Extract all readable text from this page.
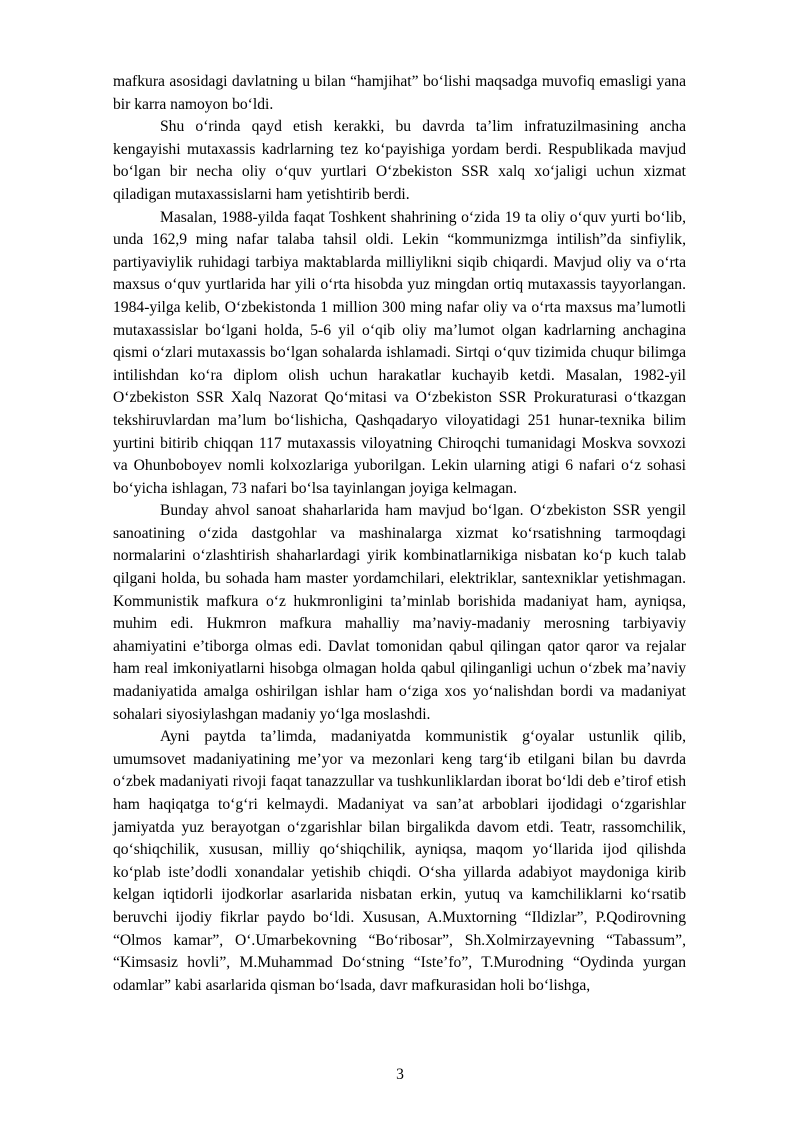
mafkura asosidagi davlatning u bilan “hamjihat” bo‘lishi maqsadga muvofiq emasligi yana bir karra namoyon bo‘ldi.

Shu o‘rinda qayd etish kerakki, bu davrda ta’lim infratuzilmasining ancha kengayishi mutaxassis kadrlarning tez ko‘payishiga yordam berdi. Respublikada mavjud bo‘lgan bir necha oliy o‘quv yurtlari O‘zbekiston SSR xalq xo‘jaligi uchun xizmat qiladigan mutaxassislarni ham yetishtirib berdi.

Masalan, 1988-yilda faqat Toshkent shahrining o‘zida 19 ta oliy o‘quv yurti bo‘lib, unda 162,9 ming nafar talaba tahsil oldi. Lekin “kommunizmga intilish”da sinfiylik, partiyaviylik ruhidagi tarbiya maktablarda milliylikni siqib chiqardi. Mavjud oliy va o‘rta maxsus o‘quv yurtlarida har yili o‘rta hisobda yuz mingdan ortiq mutaxassis tayyorlangan. 1984-yilga kelib, O‘zbekistonda 1 million 300 ming nafar oliy va o‘rta maxsus ma’lumotli mutaxassislar bo‘lgani holda, 5-6 yil o‘qib oliy ma’lumot olgan kadrlarning anchagina qismi o‘zlari mutaxassis bo‘lgan sohalarda ishlamadi. Sirtqi o‘quv tizimida chuqur bilimga intilishdan ko‘ra diplom olish uchun harakatlar kuchayib ketdi. Masalan, 1982-yil O‘zbekiston SSR Xalq Nazorat Qo‘mitasi va O‘zbekiston SSR Prokuraturasi o‘tkazgan tekshiruvlardan ma’lum bo‘lishicha, Qashqadaryo viloyatidagi 251 hunar-texnika bilim yurtini bitirib chiqqan 117 mutaxassis viloyatning Chiroqchi tumanidagi Moskva sovxozi va Ohunboboyev nomli kolxozlariga yuborilgan. Lekin ularning atigi 6 nafari o‘z sohasi bo‘yicha ishlagan, 73 nafari bo‘lsa tayinlangan joyiga kelmagan.

Bunday ahvol sanoat shaharlarida ham mavjud bo‘lgan. O‘zbekiston SSR yengil sanoatining o‘zida dastgohlar va mashinalarga xizmat ko‘rsatishning tarmoqdagi normalarini o‘zlashtirish shaharlardagi yirik kombinatlarnikiga nisbatan ko‘p kuch talab qilgani holda, bu sohada ham master yordamchilari, elektriklar, santexniklar yetishmagan. Kommunistik mafkura o‘z hukmronligini ta’minlab borishida madaniyat ham, ayniqsa, muhim edi. Hukmron mafkura mahalliy ma’naviy-madaniy merosning tarbiyaviy ahamiyatini e’tiborga olmas edi. Davlat tomonidan qabul qilingan qator qaror va rejalar ham real imkoniyatlarni hisobga olmagan holda qabul qilinganligi uchun o‘zbek ma’naviy madaniyatida amalga oshirilgan ishlar ham o‘ziga xos yo‘nalishdan bordi va madaniyat sohalari siyosiylashgan madaniy yo‘lga moslashdi.

Ayni paytda ta’limda, madaniyatda kommunistik g‘oyalar ustunlik qilib, umumsovet madaniyatining me’yor va mezonlari keng targ‘ib etilgani bilan bu davrda o‘zbek madaniyati rivoji faqat tanazzullar va tushkunliklardan iborat bo‘ldi deb e’tirof etish ham haqiqatga to‘g‘ri kelmaydi. Madaniyat va san’at arboblari ijodidagi o‘zgarishlar jamiyatda yuz berayotgan o‘zgarishlar bilan birgalikda davom etdi. Teatr, rassomchilik, qo‘shiqchilik, xususan, milliy qo‘shiqchilik, ayniqsa, maqom yo‘llarida ijod qilishda ko‘plab iste’dodli xonandalar yetishib chiqdi. O‘sha yillarda adabiyot maydoniga kirib kelgan iqtidorli ijodkorlar asarlarida nisbatan erkin, yutuq va kamchiliklarni ko‘rsatib beruvchi ijodiy fikrlar paydo bo‘ldi. Xususan, A.Muxtorning “Ildizlar”, P.Qodirovning “Olmos kamar”, O‘.Umarbekovning “Bo‘ribosar”, Sh.Xolmirzayevning “Tabassum”, “Kimsasiz hovli”, M.Muhammad Do‘stning “Iste’fo”, T.Murodning “Oydinda yurgan odamlar” kabi asarlarida qisman bo‘lsada, davr mafkurasidan holi bo‘lishga,

3
